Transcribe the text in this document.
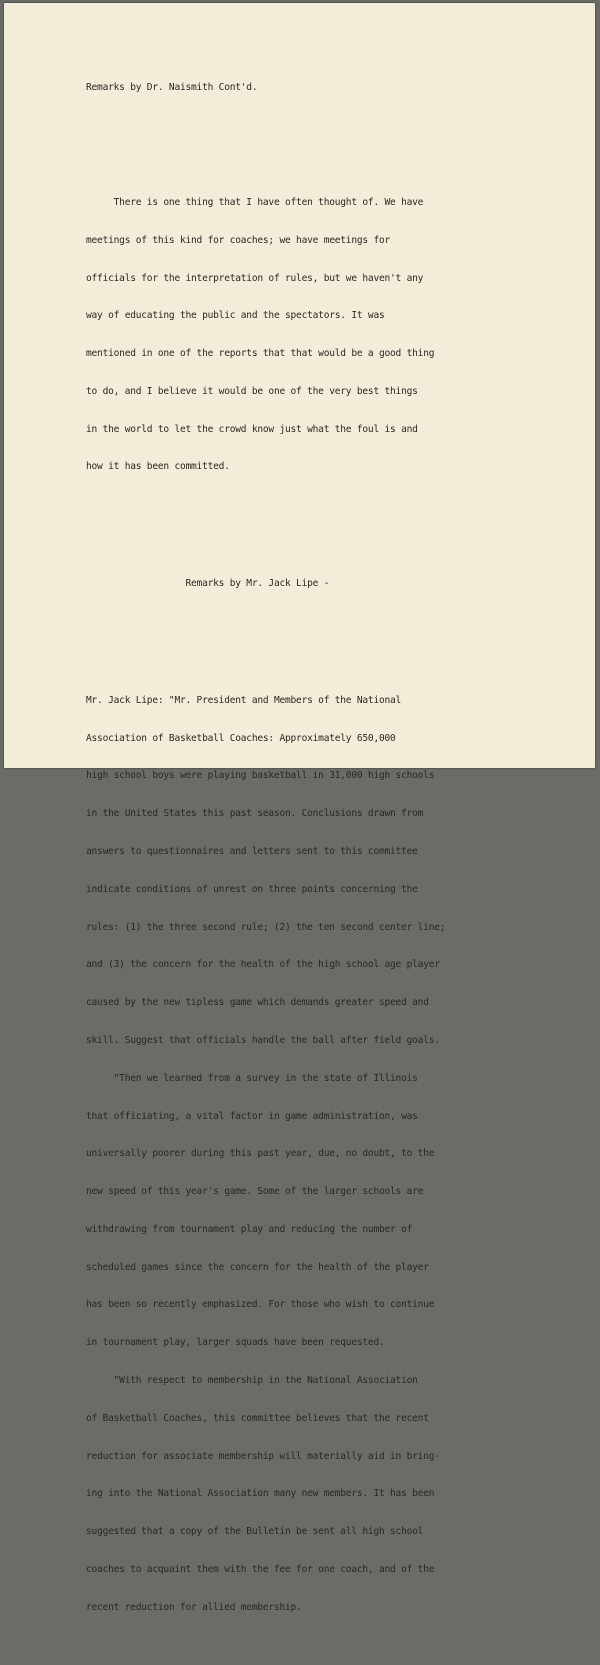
Remarks by Dr. Naismith Cont'd.

There is one thing that I have often thought of. We have

meetings of this kind for coaches; we have meetings for

officials for the interpretation of rules, but we haven't any

way of educating the public and the spectators. It was

mentioned in one of the reports that that would be a good thing

to do, and I believe it would be one of the very best things

in the world to let the crowd know just what the foul is and

how it has been committed.

Remarks by Mr. Jack Lipe -

Mr. Jack Lipe: "Mr. President and Members of the National

Association of Basketball Coaches: Approximately 650,000

high school boys were playing basketball in 31,000 high schools

in the United States this past season. Conclusions drawn from

answers to questionnaires and letters sent to this committee

indicate conditions of unrest on three points concerning the

rules: (1) the three second rule; (2) the ten second center line;

and (3) the concern for the health of the high school age player

caused by the new tipless game which demands greater speed and

skill. Suggest that officials handle the ball after field goals.

"Then we learned from a survey in the state of Illinois

that officiating, a vital factor in game administration, was

universally poorer during this past year, due, no doubt, to the

new speed of this year's game. Some of the larger schools are

withdrawing from tournament play and reducing the number of

scheduled games since the concern for the health of the player

has been so recently emphasized. For those who wish to continue

in tournament play, larger squads have been requested.

"With respect to membership in the National Association

of Basketball Coaches, this committee believes that the recent

reduction for associate membership will materially aid in bring-

ing into the National Association many new members. It has been

suggested that a copy of the Bulletin be sent all high school

coaches to acquaint them with the fee for one coach, and of the

recent reduction for allied membership.
